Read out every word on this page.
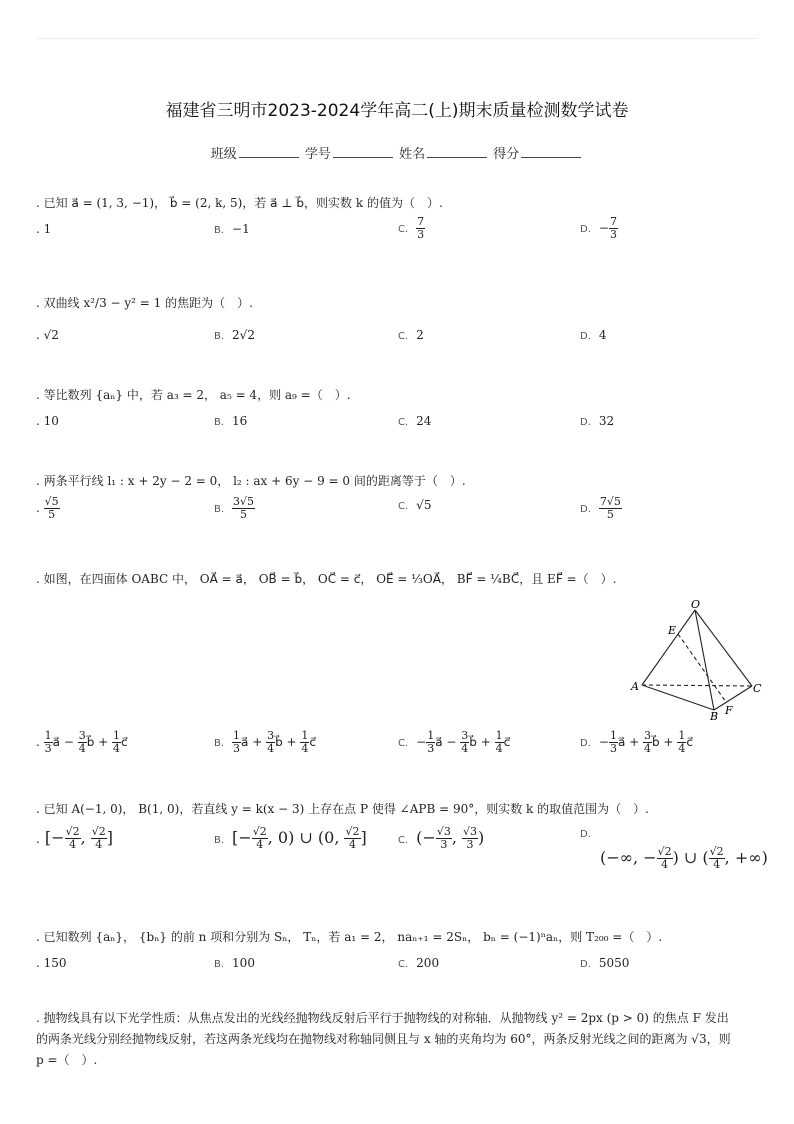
福建省三明市2023-2024学年高二(上)期末质量检测数学试卷
班级	学号	姓名	得分
. 已知 a⃗ = (1, 3, −1)， b⃗ = (2, k, 5)，若 a⃗ ⊥ b⃗，则实数 k 的值为（　）.
. 1	B. −1	C. $\frac{7}{3}$	D. − $\frac{7}{3}$
. 双曲线 x²/3 − y² = 1 的焦距为（　）.
. √2	B. 2√2	C. 2	D. 4
. 等比数列 {aₙ} 中，若 a₃ = 2， a₅ = 4，则 a₉ =（　）.
. 10	B. 16	C. 24	D. 32
. 两条平行线 l₁ : x + 2y − 2 = 0， l₂ : ax + 6y − 9 = 0 间的距离等于（　）.
. $\frac{√5}{5}$	B. $\frac{3√5}{5}$	C. √5	D. $\frac{7√5}{5}$
. 如图，在四面体 OABC 中， OA⃗ = a⃗， OB⃗ = b⃗， OC⃗ = c⃗， OE⃗ = ⅓OA⃗， BF⃗ = ¼BC⃗，且 EF⃗ =（　）.
O
E
A
B F
C
. $\frac{1}{3}$ a⃗ − $\frac{3}{4}$ b⃗ + $\frac{1}{4}$ c⃗	B. $\frac{1}{3}$ a⃗ + $\frac{3}{4}$ b⃗ + $\frac{1}{4}$ c⃗	C. − $\frac{1}{3}$ a⃗ − $\frac{3}{4}$ b⃗ + $\frac{1}{4}$ c⃗	D. − $\frac{1}{3}$ a⃗ + $\frac{3}{4}$ b⃗ + $\frac{1}{4}$ c⃗
. 已知 A(−1, 0)， B(1, 0)，若直线 y = k(x − 3) 上存在点 P 使得 ∠APB = 90°，则实数 k 的取值范围为（　）.
. [− $\frac{√2}{4}$ , $\frac{√2}{4}$ ]	B. [− $\frac{√2}{4}$ , 0) ∪ (0, $\frac{√2}{4}$ ]	C. (− $\frac{√3}{3}$ , $\frac{√3}{3}$ )	D.
(−∞, − $\frac{√2}{4}$ ) ∪ ( $\frac{√2}{4}$ , +∞)
. 已知数列 {aₙ}， {bₙ} 的前 n 项和分别为 Sₙ， Tₙ，若 a₁ = 2， naₙ₊₁ = 2Sₙ， bₙ = (−1)ⁿaₙ，则 T₂₀₀ =（　）.
. 150	B. 100	C. 200	D. 5050
. 抛物线具有以下光学性质：从焦点发出的光线经抛物线反射后平行于抛物线的对称轴．从抛物线 y² = 2px (p > 0) 的焦点 F 发出
的两条光线分别经抛物线反射，若这两条光线均在抛物线对称轴同侧且与 x 轴的夹角均为 60°，两条反射光线之间的距离为 √3，则
p =（　）.
